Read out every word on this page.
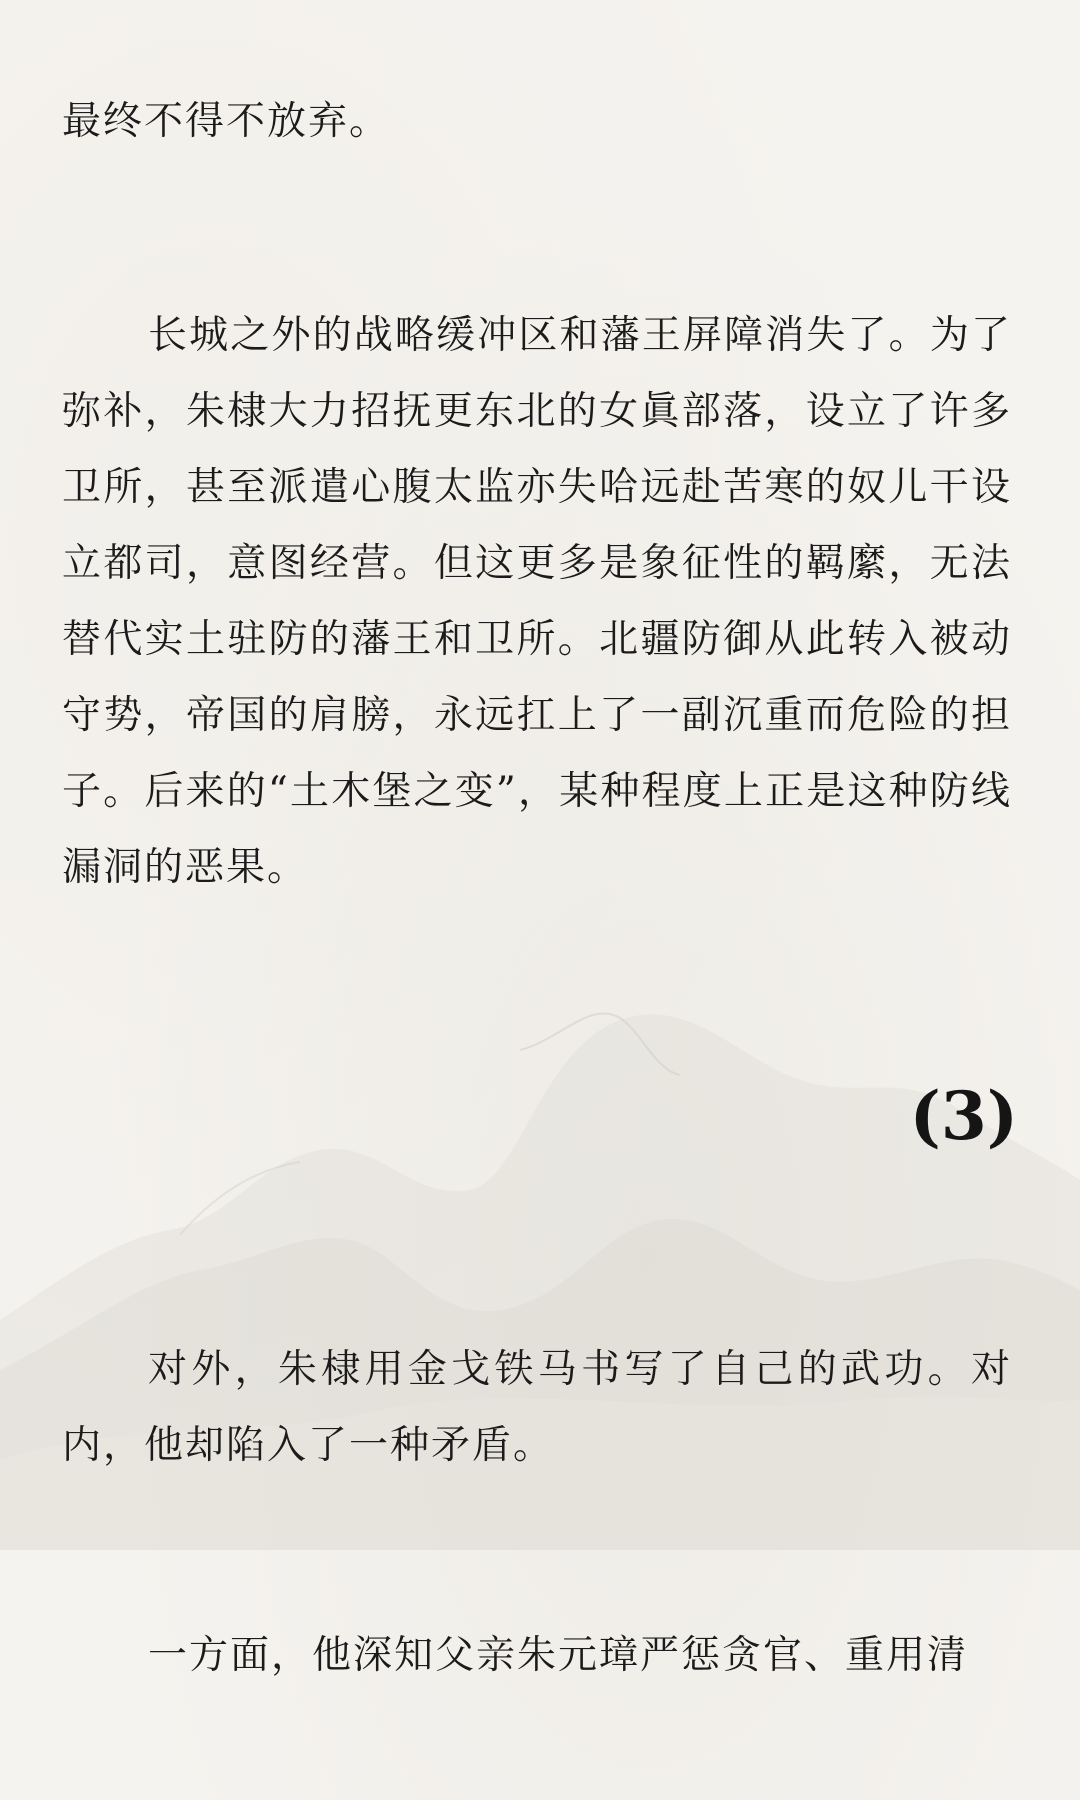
最终不得不放弃。

长城之外的战略缓冲区和藩王屏障消失了。为了弥补，朱棣大力招抚更东北的女眞部落，设立了许多卫所，甚至派遣心腹太监亦失哈远赴苦寒的奴儿干设立都司，意图经营。但这更多是象征性的羁縻，无法替代实土驻防的藩王和卫所。北疆防御从此转入被动守势，帝国的肩膀，永远扛上了一副沉重而危险的担子。后来的“土木堡之变”，某种程度上正是这种防线漏洞的恶果。

(3)

对外，朱棣用金戈铁马书写了自己的武功。对内，他却陷入了一种矛盾。

一方面，他深知父亲朱元璋严惩贪官、重用清
